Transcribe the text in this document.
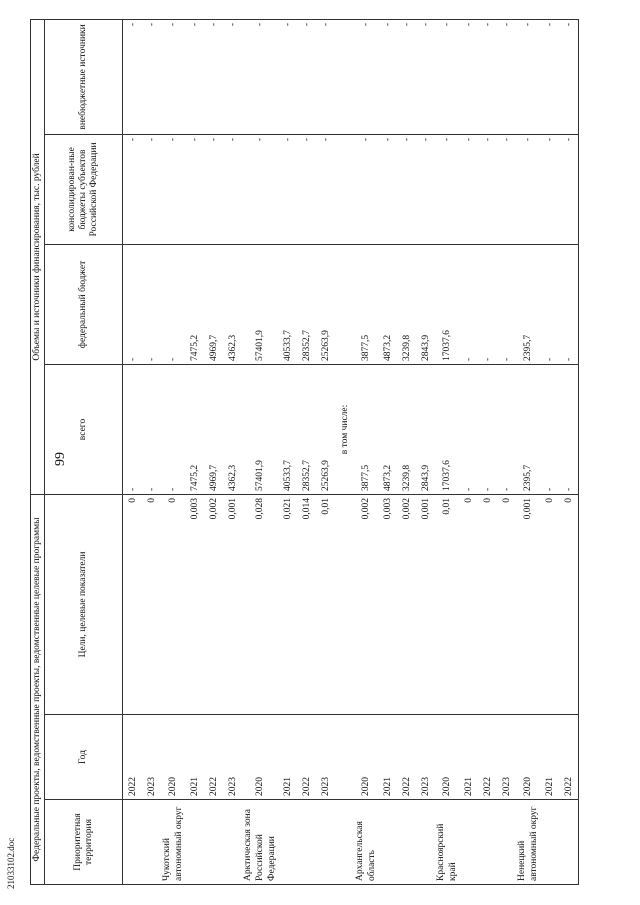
99
21033102.doc
Федеральные проекты, ведомственные проекты, ведомственные целевые программы			Объемы и источники финансирования, тыс. рублей			
Приоритетная территория	Год	Цели, целевые показатели	всего	федеральный бюджет	консолидирован-ные бюджеты субъектов Российской Федерации	внебюджетные источники
	2022	0	-	-	-	-
	2023	0	-	-	-	-
Чукотский автономный округ	2020	0	-	-	-	-
	2021	0,003	7475,2	7475,2	-	-
	2022	0,002	4969,7	4969,7	-	-
	2023	0,001	4362,3	4362,3	-	-
Арктическая зона Российской Федерации	2020	0,028	57401,9	57401,9	-	-
	2021	0,021	40533,7	40533,7	-	-
	2022	0,014	28352,7	28352,7	-	-
	2023	0,01	25263,9	25263,9	-	-
			в том числе:			
Архангельская область	2020	0,002	3877,5	3877,5	-	-
	2021	0,003	4873,2	4873,2	-	-
	2022	0,002	3239,8	3239,8	-	-
	2023	0,001	2843,9	2843,9	-	-
Красноярский край	2020	0,01	17037,6	17037,6	-	-
	2021	0	-	-	-	-
	2022	0	-	-	-	-
	2023	0	-	-	-	-
Ненецкий автономный округ	2020	0,001	2395,7	2395,7	-	-
	2021	0	-	-	-	-
	2022	0	-	-	-	-
